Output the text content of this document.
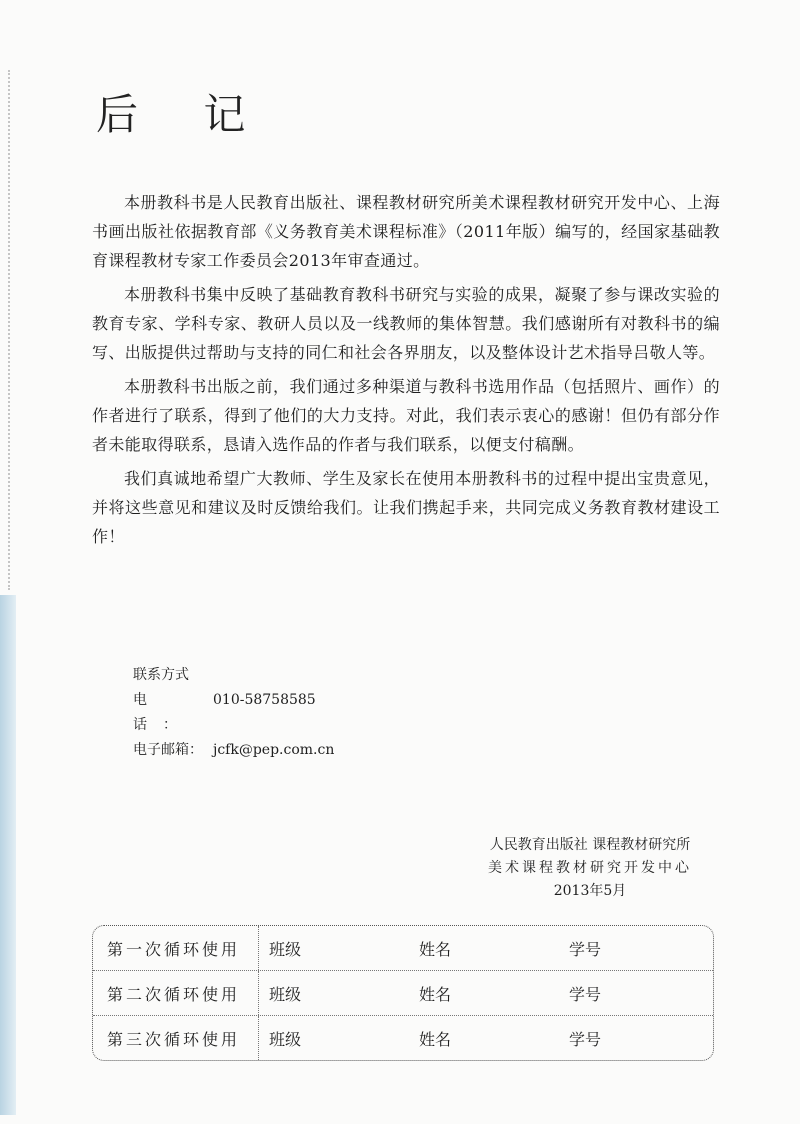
后 记

本册教科书是人民教育出版社、课程教材研究所美术课程教材研究开发中心、上海书画出版社依据教育部《义务教育美术课程标准》（2011年版）编写的，经国家基础教育课程教材专家工作委员会2013年审查通过。

本册教科书集中反映了基础教育教科书研究与实验的成果，凝聚了参与课改实验的教育专家、学科专家、教研人员以及一线教师的集体智慧。我们感谢所有对教科书的编写、出版提供过帮助与支持的同仁和社会各界朋友，以及整体设计艺术指导吕敬人等。

本册教科书出版之前，我们通过多种渠道与教科书选用作品（包括照片、画作）的作者进行了联系，得到了他们的大力支持。对此，我们表示衷心的感谢！但仍有部分作者未能取得联系，恳请入选作品的作者与我们联系，以便支付稿酬。

我们真诚地希望广大教师、学生及家长在使用本册教科书的过程中提出宝贵意见，并将这些意见和建议及时反馈给我们。让我们携起手来，共同完成义务教育教材建设工作！

联系方式
电话：
010-58758585
电子邮箱： jcfk@pep.com.cn
人民教育出版社 课程教材研究所
美术课程教材研究开发中心
2013年5月
第一次循环使用	班级	姓名	学号
第二次循环使用	班级	姓名	学号
第三次循环使用	班级	姓名	学号
